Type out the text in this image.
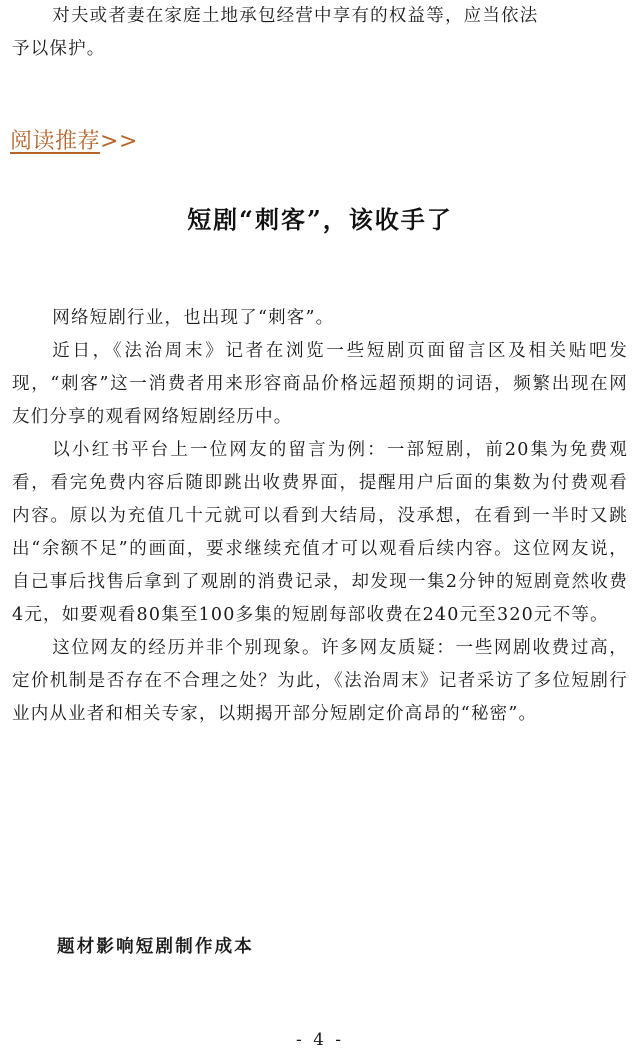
对夫或者妻在家庭土地承包经营中享有的权益等，应当依法

予以保护。

阅读推荐>>
短剧“刺客”，该收手了

网络短剧行业，也出现了“刺客”。

近日，《法治周末》记者在浏览一些短剧页面留言区及相关贴吧发现，“刺客”这一消费者用来形容商品价格远超预期的词语，频繁出现在网友们分享的观看网络短剧经历中。

以小红书平台上一位网友的留言为例：一部短剧，前20集为免费观看，看完免费内容后随即跳出收费界面，提醒用户后面的集数为付费观看内容。原以为充值几十元就可以看到大结局，没承想，在看到一半时又跳出“余额不足”的画面，要求继续充值才可以观看后续内容。这位网友说，自己事后找售后拿到了观剧的消费记录，却发现一集2分钟的短剧竟然收费4元，如要观看80集至100多集的短剧每部收费在240元至320元不等。

这位网友的经历并非个别现象。许多网友质疑：一些网剧收费过高，定价机制是否存在不合理之处？为此，《法治周末》记者采访了多位短剧行业内从业者和相关专家，以期揭开部分短剧定价高昂的“秘密”。

题材影响短剧制作成本
- 4 -
